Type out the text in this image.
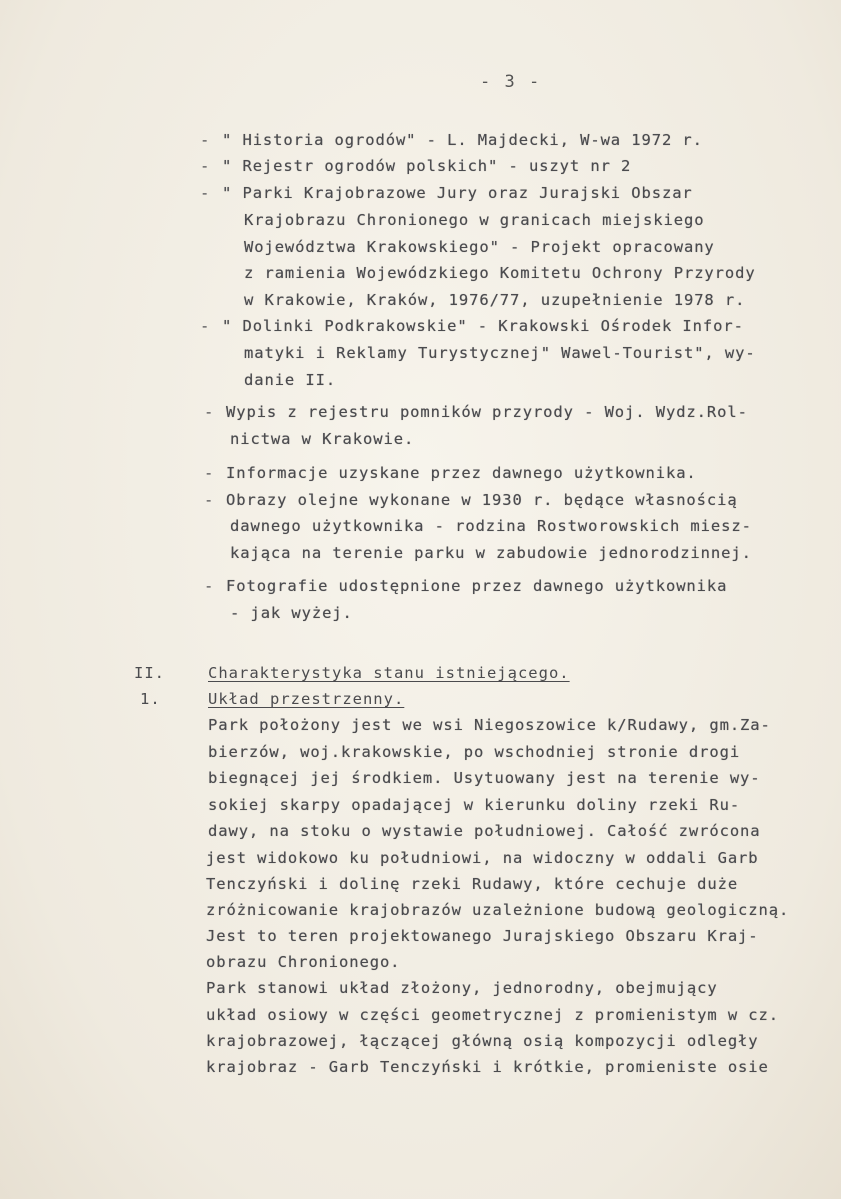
- 3 -
- " Historia ogrodów" - L. Majdecki, W-wa 1972 r.
- " Rejestr ogrodów polskich" - uszyt nr 2
- " Parki Krajobrazowe Jury oraz Jurajski Obszar
Krajobrazu Chronionego w granicach miejskiego
Województwa Krakowskiego" - Projekt opracowany
z ramienia Wojewódzkiego Komitetu Ochrony Przyrody
w Krakowie, Kraków, 1976/77, uzupełnienie 1978 r.
- " Dolinki Podkrakowskie" - Krakowski Ośrodek Infor-
matyki i Reklamy Turystycznej" Wawel-Tourist", wy-
danie II.
- Wypis z rejestru pomników przyrody - Woj. Wydz.Rol-
nictwa w Krakowie.
- Informacje uzyskane przez dawnego użytkownika.
- Obrazy olejne wykonane w 1930 r. będące własnością
dawnego użytkownika - rodzina Rostworowskich miesz-
kająca na terenie parku w zabudowie jednorodzinnej.
- Fotografie udostępnione przez dawnego użytkownika
- jak wyżej.
II.	Charakterystyka stanu istniejącego.
1.	Układ przestrzenny.
Park położony jest we wsi Niegoszowice k/Rudawy, gm.Za-
bierzów, woj.krakowskie, po wschodniej stronie drogi
biegnącej jej środkiem. Usytuowany jest na terenie wy-
sokiej skarpy opadającej w kierunku doliny rzeki Ru-
dawy, na stoku o wystawie południowej. Całość zwrócona
jest widokowo ku południowi, na widoczny w oddali Garb
Tenczyński i dolinę rzeki Rudawy, które cechuje duże
zróżnicowanie krajobrazów uzależnione budową geologiczną.
Jest to teren projektowanego Jurajskiego Obszaru Kraj-
obrazu Chronionego.
Park stanowi układ złożony, jednorodny, obejmujący
układ osiowy w części geometrycznej z promienistym w cz.
krajobrazowej, łączącej główną osią kompozycji odległy
krajobraz - Garb Tenczyński i krótkie, promieniste osie
